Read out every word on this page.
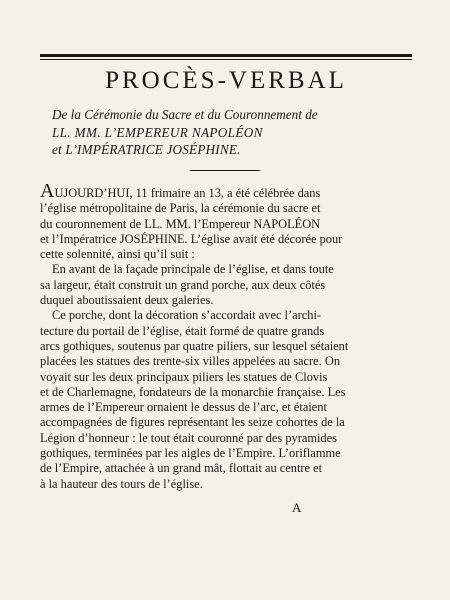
PROCÈS-VERBAL
De la Cérémonie du Sacre et du Couronnement de
LL. MM. L’EMPEREUR NAPOLÉON
et L’IMPÉRATRICE JOSÉPHINE.
AUJOURD’HUI, 11 frimaire an 13, a été célébrée dans
l’église métropolitaine de Paris, la cérémonie du sacre et
du couronnement de LL. MM. l’Empereur NAPOLÉON
et l’Impératrice JOSÉPHINE. L’église avait été décorée pour
cette solennité, ainsi qu’il suit :
En avant de la façade principale de l’église, et dans toute
sa largeur, était construit un grand porche, aux deux côtés
duquel aboutissaient deux galeries.
Ce porche, dont la décoration s’accordait avec l’archi-
tecture du portail de l’église, était formé de quatre grands
arcs gothiques, soutenus par quatre piliers, sur lesquel sétaient
placées les statues des trente-six villes appelées au sacre. On
voyait sur les deux principaux piliers les statues de Clovis
et de Charlemagne, fondateurs de la monarchie française. Les
armes de l’Empereur ornaient le dessus de l’arc, et étaient
accompagnées de figures représentant les seize cohortes de la
Légion d’honneur : le tout était couronné par des pyramides
gothiques, terminées par les aigles de l’Empire. L’oriflamme
de l’Empire, attachée à un grand mât, flottait au centre et
à la hauteur des tours de l’église.
A
